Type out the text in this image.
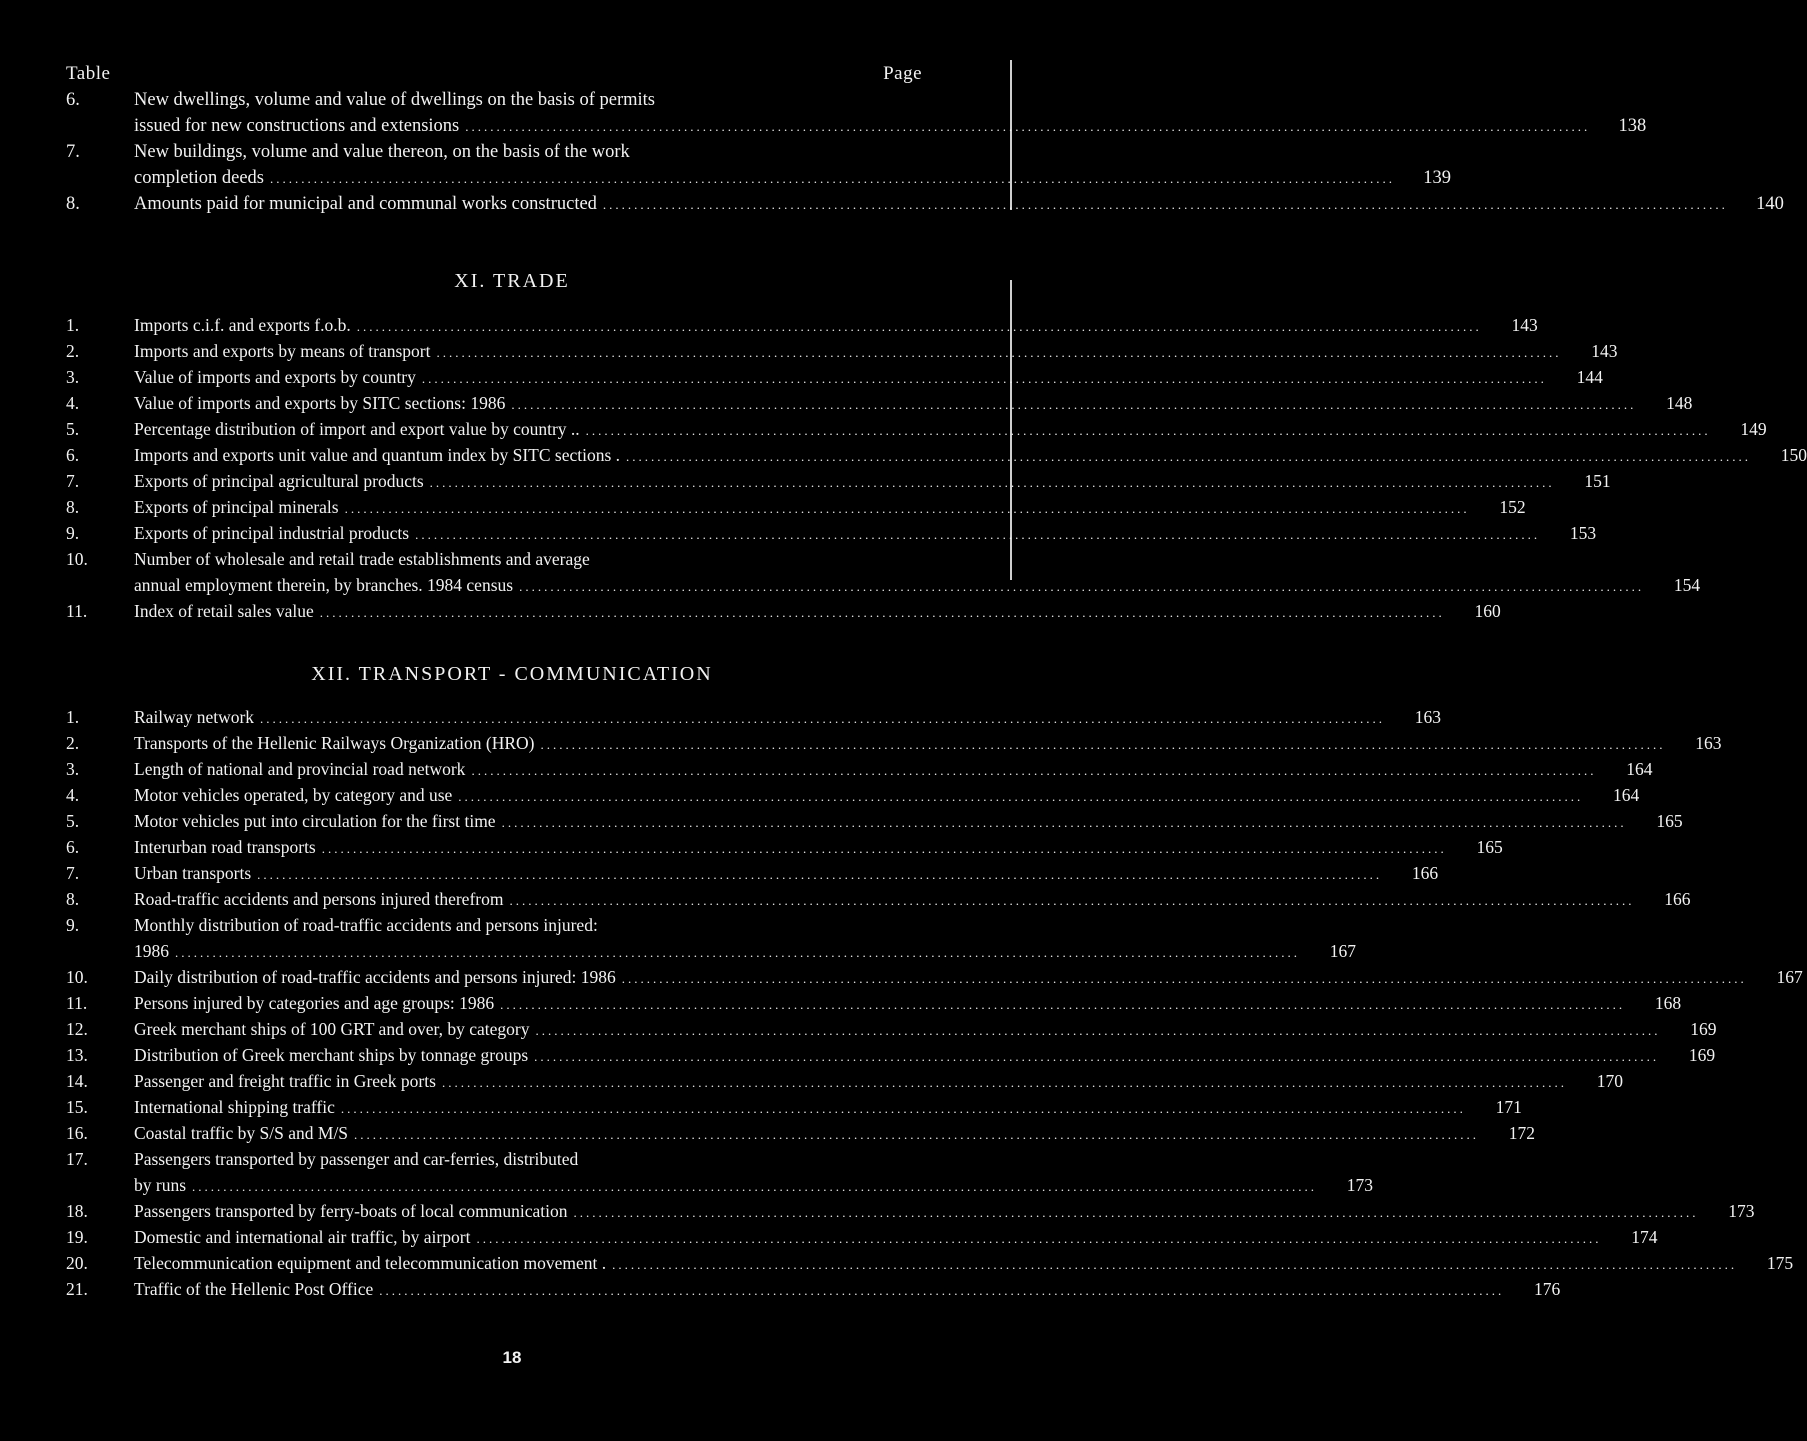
Table	Page
6.	New dwellings, volume and value of dwellings on the basis of permits
issued for new constructions and extensions .....	138
7.	New buildings, volume and value thereon, on the basis of the work
completion deeds .....	139
8.	Amounts paid for municipal and communal works constructed .....	140
XI. TRADE
1.	Imports c.i.f. and exports f.o.b. .....	143
2.	Imports and exports by means of transport .....	143
3.	Value of imports and exports by country .....	144
4.	Value of imports and exports by SITC sections: 1986 .....	148
5.	Percentage distribution of import and export value by country .. .....	149
6.	Imports and exports unit value and quantum index by SITC sections . .....	150
7.	Exports of principal agricultural products .....	151
8.	Exports of principal minerals .....	152
9.	Exports of principal industrial products .....	153
10.	Number of wholesale and retail trade establishments and average
annual employment therein, by branches. 1984 census .....	154
11.	Index of retail sales value .....	160
XII. TRANSPORT - COMMUNICATION
1.	Railway network .....	163
2.	Transports of the Hellenic Railways Organization (HRO) .....	163
3.	Length of national and provincial road network .....	164
4.	Motor vehicles operated, by category and use .....	164
5.	Motor vehicles put into circulation for the first time .....	165
6.	Interurban road transports .....	165
7.	Urban transports .....	166
8.	Road-traffic accidents and persons injured therefrom .....	166
9.	Monthly distribution of road-traffic accidents and persons injured:
1986 .....	167
10.	Daily distribution of road-traffic accidents and persons injured: 1986 .....	167
11.	Persons injured by categories and age groups: 1986 .....	168
12.	Greek merchant ships of 100 GRT and over, by category .....	169
13.	Distribution of Greek merchant ships by tonnage groups .....	169
14.	Passenger and freight traffic in Greek ports .....	170
15.	International shipping traffic .....	171
16.	Coastal traffic by S/S and M/S .....	172
17.	Passengers transported by passenger and car-ferries, distributed
by runs .....	173
18.	Passengers transported by ferry-boats of local communication .....	173
19.	Domestic and international air traffic, by airport .....	174
20.	Telecommunication equipment and telecommunication movement . .....	175
21.	Traffic of the Hellenic Post Office .....	176
18
